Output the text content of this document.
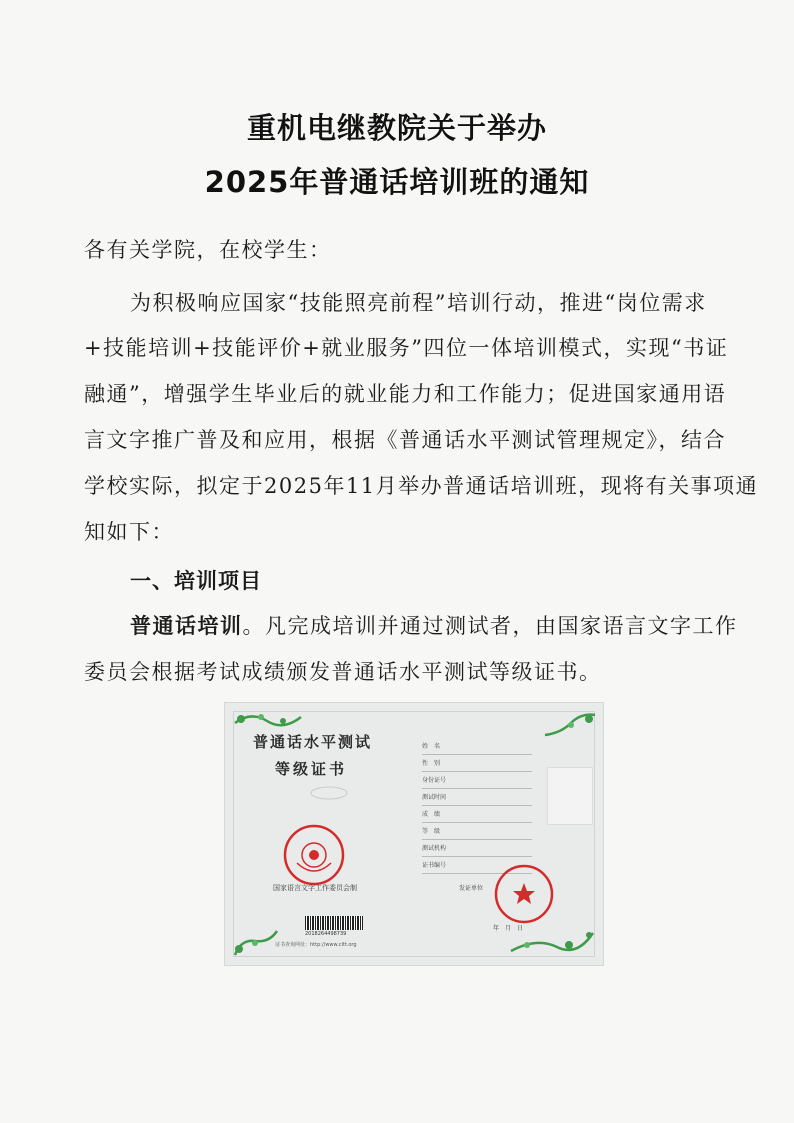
重机电继教院关于举办
2025年普通话培训班的通知
各有关学院，在校学生：
为积极响应国家“技能照亮前程”培训行动，推进“岗位需求
+技能培训+技能评价+就业服务”四位一体培训模式，实现“书证
融通”，增强学生毕业后的就业能力和工作能力；促进国家通用语
言文字推广普及和应用，根据《普通话水平测试管理规定》，结合
学校实际，拟定于2025年11月举办普通话培训班，现将有关事项通
知如下：
一、培训项目
普通话培训。凡完成培训并通过测试者，由国家语言文字工作
委员会根据考试成绩颁发普通话水平测试等级证书。
普通话水平测试
等级证书
姓　名
性　别
身份证号
测试时间
成　绩
等　级
测试机构
证书编号
国家语言文字工作委员会制	发证单位
年　月　日
2018264498739
证书查询网址：http://www.cltt.org
